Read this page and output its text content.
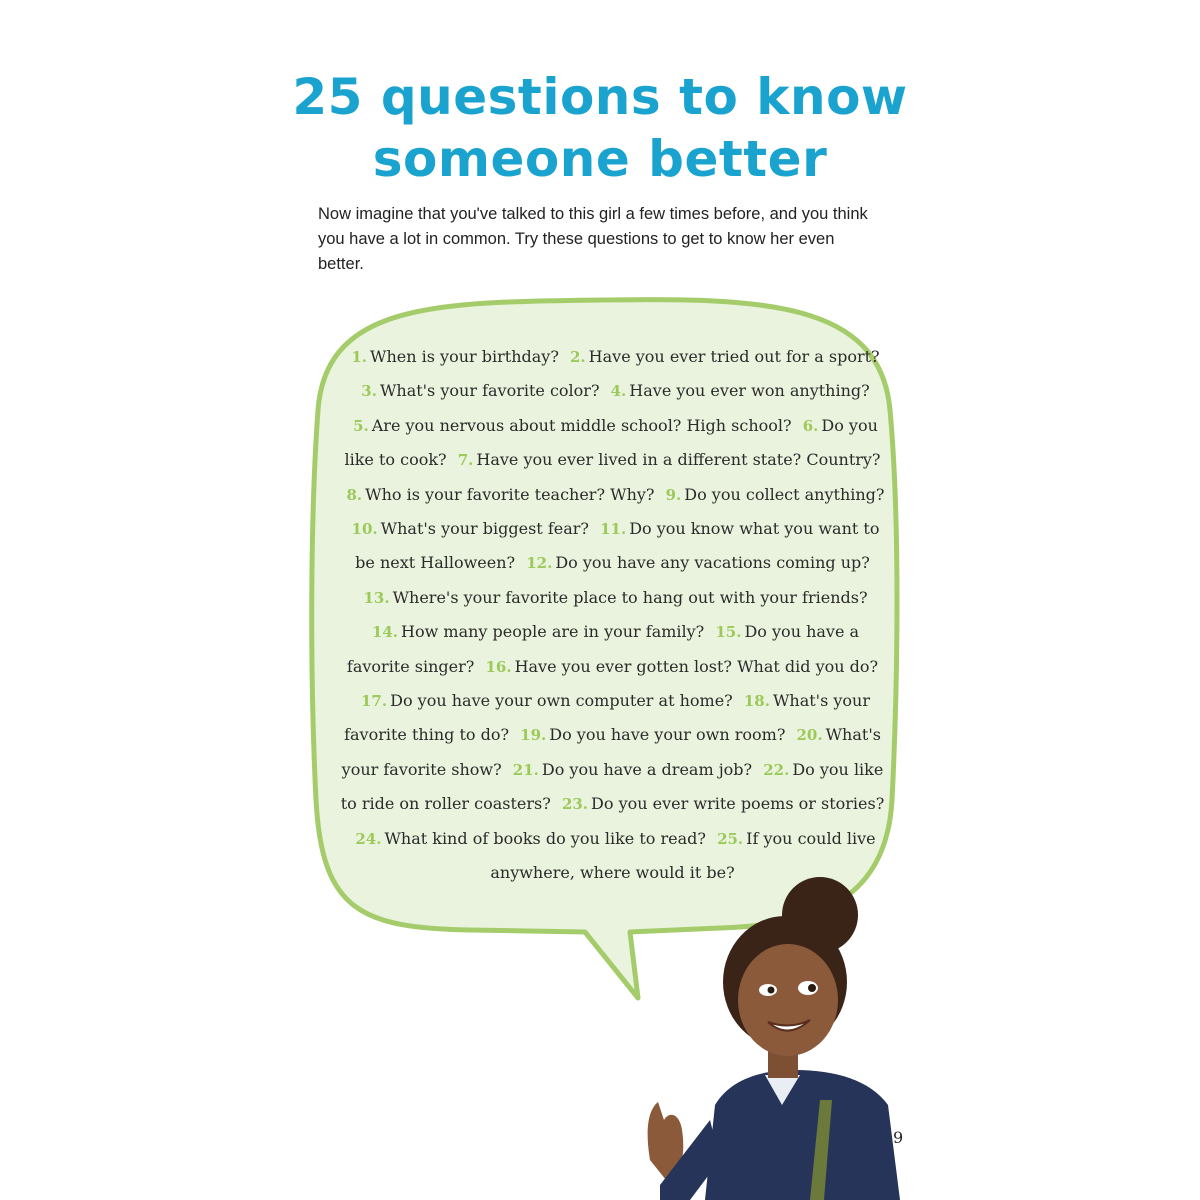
25 questions to know
someone better

Now imagine that you've talked to this girl a few times before, and you think you have a lot in common. Try these questions to get to know her even better.

1. When is your birthday? 2. Have you ever tried out for a sport? 3. What's your favorite color? 4. Have you ever won anything? 5. Are you nervous about middle school? High school? 6. Do you like to cook? 7. Have you ever lived in a different state? Country? 8. Who is your favorite teacher? Why? 9. Do you collect anything? 10. What's your biggest fear? 11. Do you know what you want to be next Halloween? 12. Do you have any vacations coming up? 13. Where's your favorite place to hang out with your friends? 14. How many people are in your family? 15. Do you have a favorite singer? 16. Have you ever gotten lost? What did you do? 17. Do you have your own computer at home? 18. What's your favorite thing to do? 19. Do you have your own room? 20. What's your favorite show? 21. Do you have a dream job? 22. Do you like to ride on roller coasters? 23. Do you ever write poems or stories? 24. What kind of books do you like to read? 25. If you could live anywhere, where would it be?
9
